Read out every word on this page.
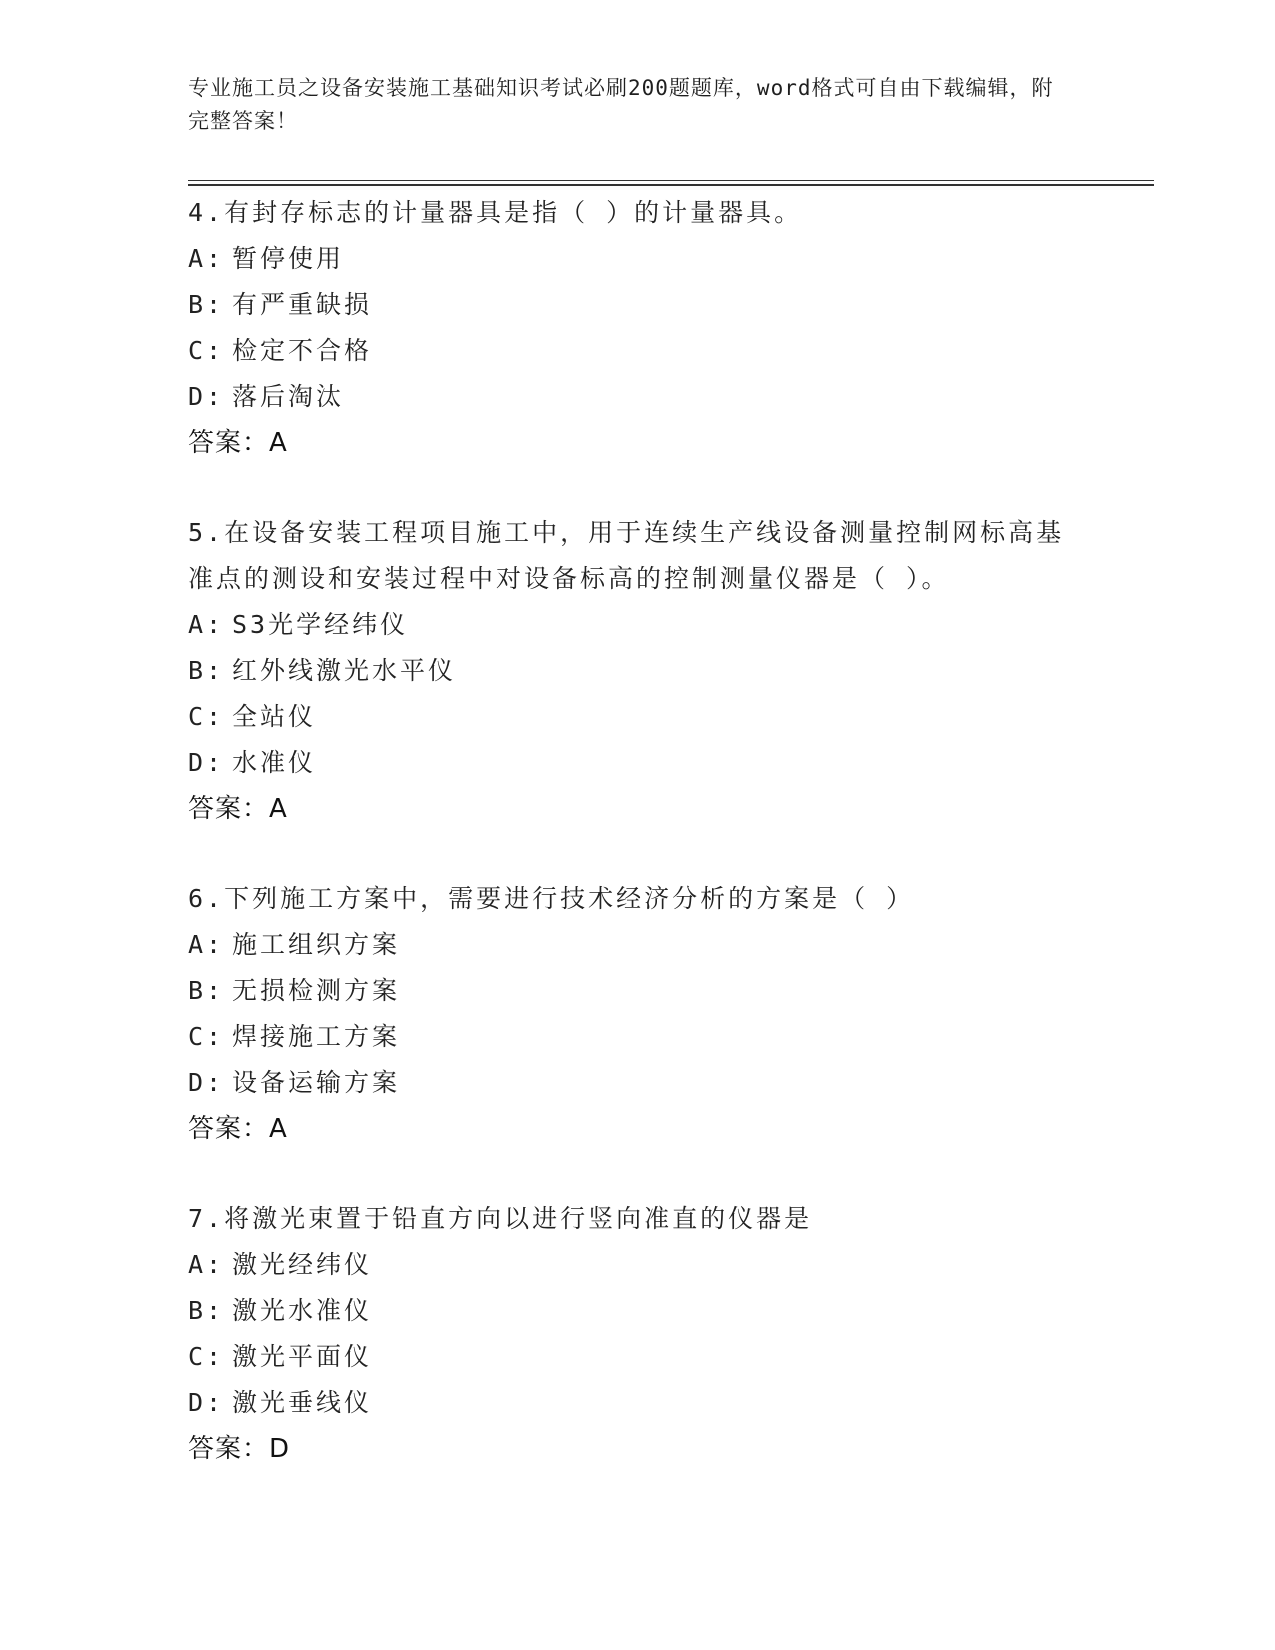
专业施工员之设备安装施工基础知识考试必刷200题题库，word格式可自由下载编辑，附完整答案！
4.有封存标志的计量器具是指（ ）的计量器具。
A: 暂停使用
B: 有严重缺损
C: 检定不合格
D: 落后淘汰
答案：A
5.在设备安装工程项目施工中，用于连续生产线设备测量控制网标高基准点的测设和安装过程中对设备标高的控制测量仪器是（ ）。
A: S3光学经纬仪
B: 红外线激光水平仪
C: 全站仪
D: 水准仪
答案：A
6.下列施工方案中，需要进行技术经济分析的方案是（ ）
A: 施工组织方案
B: 无损检测方案
C: 焊接施工方案
D: 设备运输方案
答案：A
7.将激光束置于铅直方向以进行竖向准直的仪器是
A: 激光经纬仪
B: 激光水准仪
C: 激光平面仪
D: 激光垂线仪
答案：D
